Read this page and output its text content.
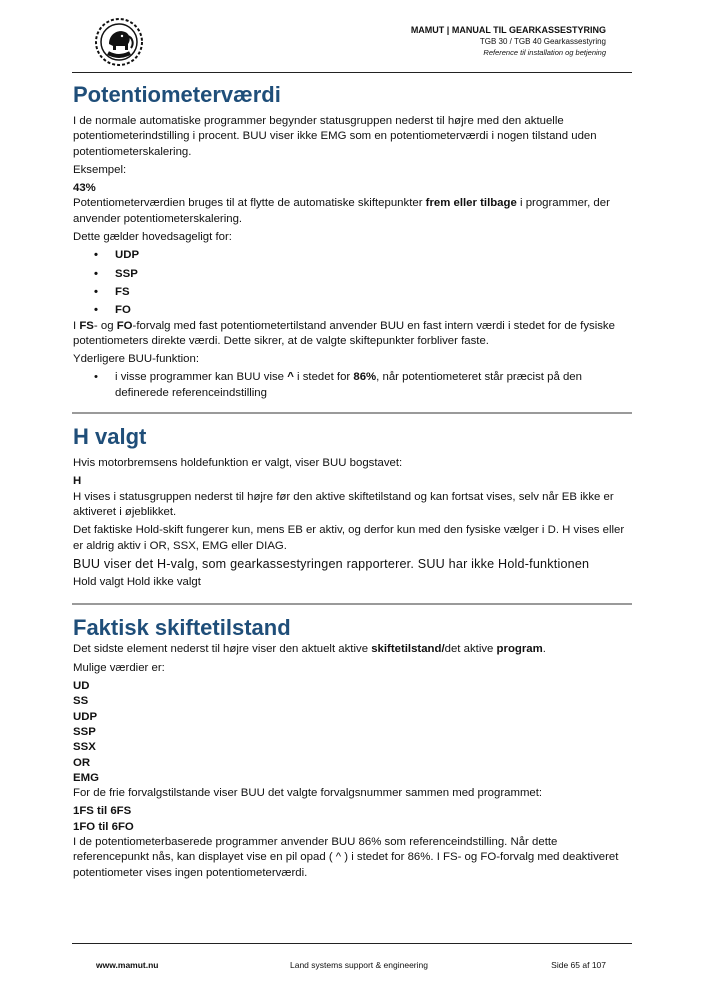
MAMUT | MANUAL TIL GEARKASSESTYRING
TGB 30 / TGB 40 Gearkassestyring
Reference til installation og betjening
Potentiometerværdi

I de normale automatiske programmer begynder statusgruppen nederst til højre med den aktuelle potentiometerindstilling i procent. BUU viser ikke EMG som en potentiometerværdi i nogen tilstand uden potentiometerskalering.

Eksempel:

43%

Potentiometerværdien bruges til at flytte de automatiske skiftepunkter frem eller tilbage i programmer, der anvender potentiometerskalering.

Dette gælder hovedsageligt for:

• UDP
• SSP
• FS
• FO

I FS- og FO-forvalg med fast potentiometertilstand anvender BUU en fast intern værdi i stedet for de fysiske potentiometers direkte værdi. Dette sikrer, at de valgte skiftepunkter forbliver faste.

Yderligere BUU-funktion:

• i visse programmer kan BUU vise ^ i stedet for 86%, når potentiometeret står præcist på den definerede referenceindstilling
H valgt

Hvis motorbremsens holdefunktion er valgt, viser BUU bogstavet:

H

H vises i statusgruppen nederst til højre før den aktive skiftetilstand og kan fortsat vises, selv når EB ikke er aktiveret i øjeblikket.

Det faktiske Hold-skift fungerer kun, mens EB er aktiv, og derfor kun med den fysiske vælger i D. H vises eller er aldrig aktiv i OR, SSX, EMG eller DIAG.

BUU viser det H-valg, som gearkassestyringen rapporterer. SUU har ikke Hold-funktionen

Hold valgt Hold ikke valgt

Faktisk skiftetilstand

Det sidste element nederst til højre viser den aktuelt aktive skiftetilstand/det aktive program.

Mulige værdier er:

UD

SS

UDP

SSP

SSX

OR

EMG

For de frie forvalgstilstande viser BUU det valgte forvalgsnummer sammen med programmet:

1FS til 6FS

1FO til 6FO

I de potentiometerbaserede programmer anvender BUU 86% som referenceindstilling. Når dette referencepunkt nås, kan displayet vise en pil opad ( ^ ) i stedet for 86%. I FS- og FO-forvalg med deaktiveret potentiometer vises ingen potentiometerværdi.

www.mamut.nu	Land systems support & engineering	Side 65 af 107
